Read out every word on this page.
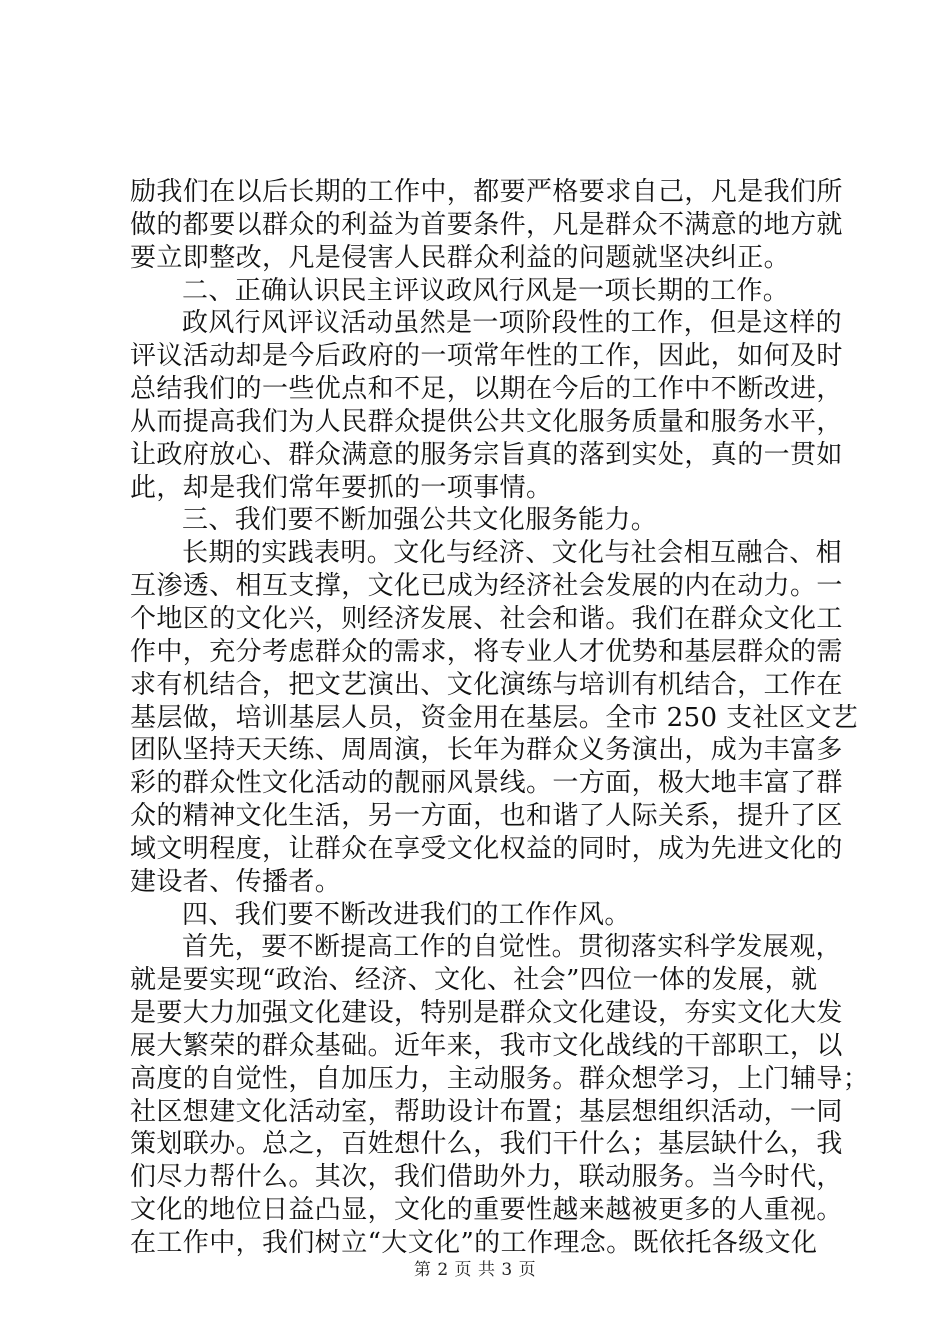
励我们在以后长期的工作中，都要严格要求自己，凡是我们所
做的都要以群众的利益为首要条件，凡是群众不满意的地方就
要立即整改，凡是侵害人民群众利益的问题就坚决纠正。
二、正确认识民主评议政风行风是一项长期的工作。
政风行风评议活动虽然是一项阶段性的工作，但是这样的
评议活动却是今后政府的一项常年性的工作，因此，如何及时
总结我们的一些优点和不足，以期在今后的工作中不断改进，
从而提高我们为人民群众提供公共文化服务质量和服务水平，
让政府放心、群众满意的服务宗旨真的落到实处，真的一贯如
此，却是我们常年要抓的一项事情。
三、我们要不断加强公共文化服务能力。
长期的实践表明。文化与经济、文化与社会相互融合、相
互渗透、相互支撑，文化已成为经济社会发展的内在动力。一
个地区的文化兴，则经济发展、社会和谐。我们在群众文化工
作中，充分考虑群众的需求，将专业人才优势和基层群众的需
求有机结合，把文艺演出、文化演练与培训有机结合，工作在
基层做，培训基层人员，资金用在基层。全市 250 支社区文艺
团队坚持天天练、周周演，长年为群众义务演出，成为丰富多
彩的群众性文化活动的靓丽风景线。一方面，极大地丰富了群
众的精神文化生活，另一方面，也和谐了人际关系，提升了区
域文明程度，让群众在享受文化权益的同时，成为先进文化的
建设者、传播者。
四、我们要不断改进我们的工作作风。
首先，要不断提高工作的自觉性。贯彻落实科学发展观，
就是要实现“政治、经济、文化、社会”四位一体的发展，就
是要大力加强文化建设，特别是群众文化建设，夯实文化大发
展大繁荣的群众基础。近年来，我市文化战线的干部职工，以
高度的自觉性，自加压力，主动服务。群众想学习，上门辅导；
社区想建文化活动室，帮助设计布置；基层想组织活动，一同
策划联办。总之，百姓想什么，我们干什么；基层缺什么，我
们尽力帮什么。其次，我们借助外力，联动服务。当今时代，
文化的地位日益凸显，文化的重要性越来越被更多的人重视。
在工作中，我们树立“大文化”的工作理念。既依托各级文化
第 2 页 共 3 页
